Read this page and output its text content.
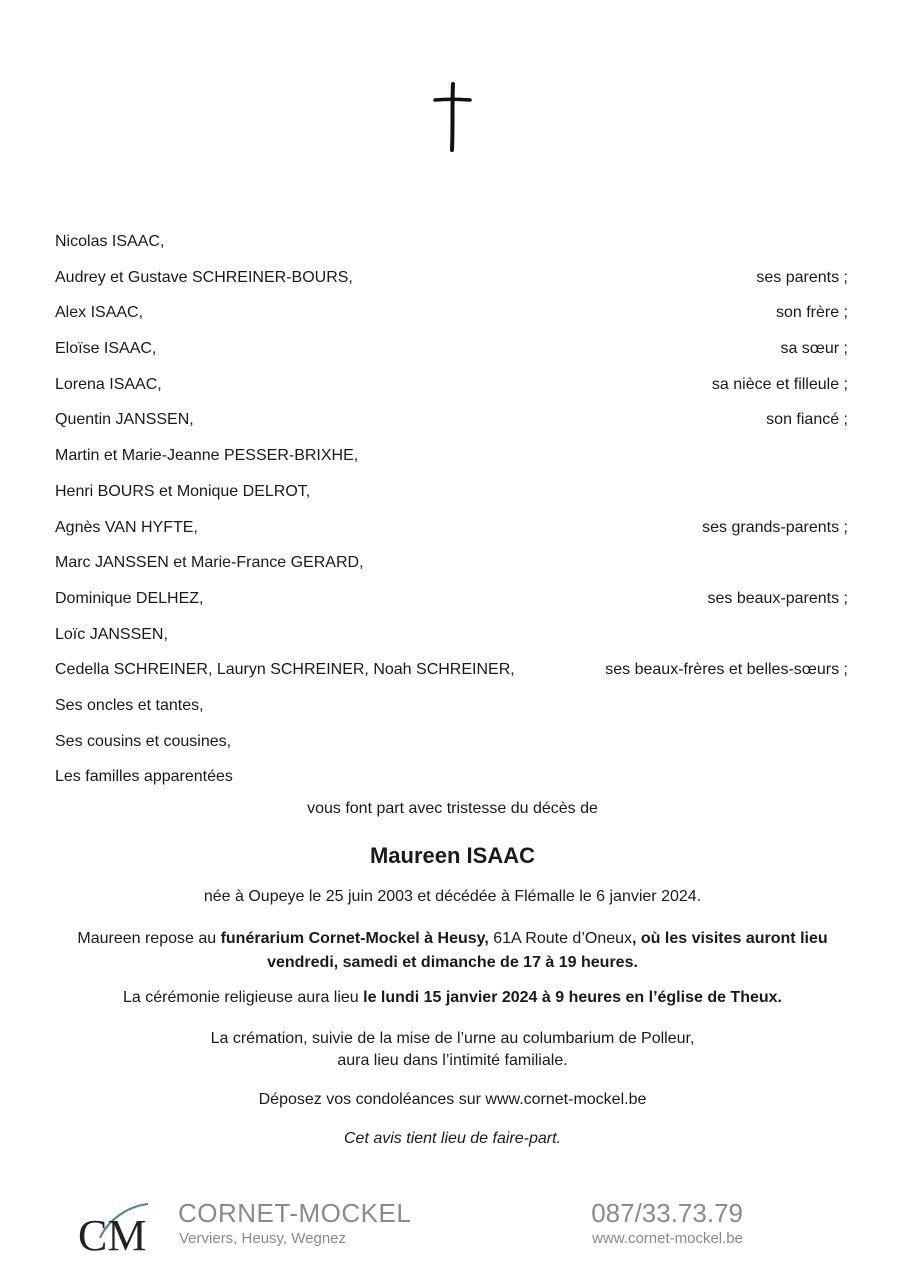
Nicolas ISAAC,
Audrey et Gustave SCHREINER-BOURS,	ses parents ;
Alex ISAAC,	son frère ;
Eloïse ISAAC,	sa sœur ;
Lorena ISAAC,	sa nièce et filleule ;
Quentin JANSSEN,	son fiancé ;
Martin et Marie-Jeanne PESSER-BRIXHE,
Henri BOURS et Monique DELROT,
Agnès VAN HYFTE,	ses grands-parents ;
Marc JANSSEN et Marie-France GERARD,
Dominique DELHEZ,	ses beaux-parents ;
Loïc JANSSEN,
Cedella SCHREINER, Lauryn SCHREINER, Noah SCHREINER,	ses beaux-frères et belles-sœurs ;
Ses oncles et tantes,
Ses cousins et cousines,
Les familles apparentées
vous font part avec tristesse du décès de
Maureen ISAAC
née à Oupeye le 25 juin 2003 et décédée à Flémalle le 6 janvier 2024.
Maureen repose au funérarium Cornet-Mockel à Heusy, 61A Route d’Oneux, où les visites auront lieu vendredi, samedi et dimanche de 17 à 19 heures.
La cérémonie religieuse aura lieu le lundi 15 janvier 2024 à 9 heures en l’église de Theux.
La crémation, suivie de la mise de l’urne au columbarium de Polleur,
aura lieu dans l’intimité familiale.
Déposez vos condoléances sur www.cornet-mockel.be
Cet avis tient lieu de faire-part.
CM CORNET-MOCKEL
Verviers, Heusy, Wegnez
087/33.73.79
www.cornet-mockel.be
